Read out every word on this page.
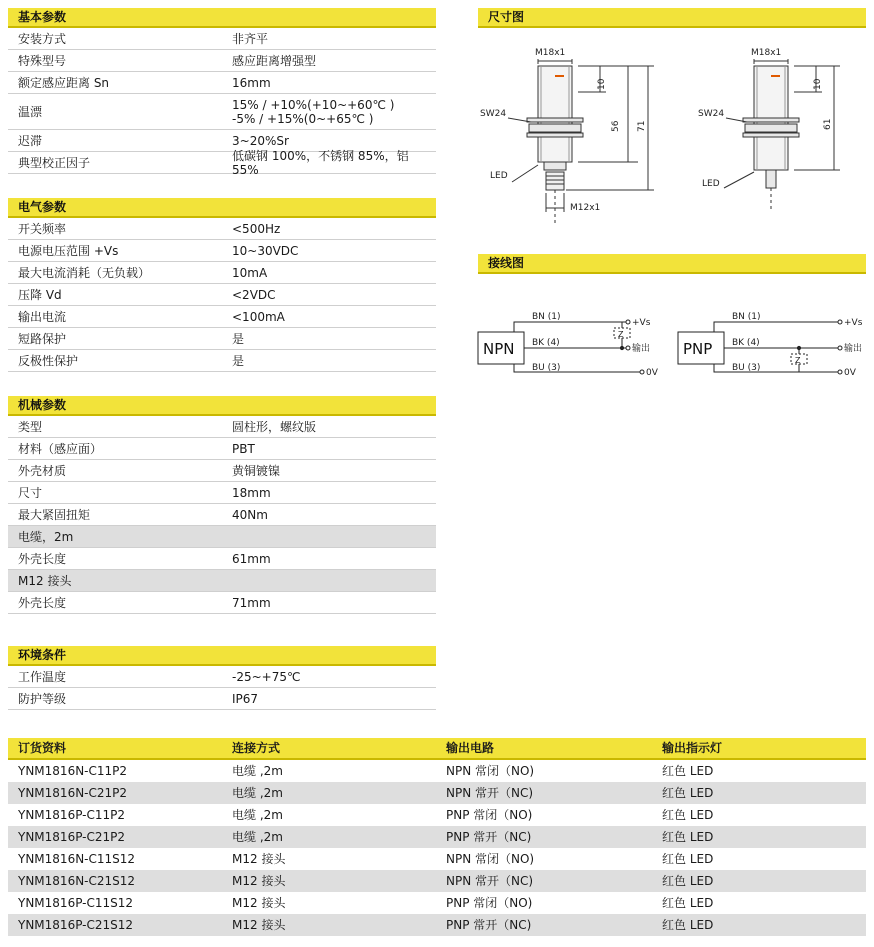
基本参数
安装方式	非齐平
特殊型号	感应距离增强型
额定感应距离 Sn	16mm
温漂	15% / +10%(+10~+60℃ )
-5% / +15%(0~+65℃ )
迟滞	3~20%Sr
典型校正因子	低碳钢 100%，不锈钢 85%，铝 55%
电气参数
开关频率	<500Hz
电源电压范围 +Vs	10~30VDC
最大电流消耗（无负载）	10mA
压降 Vd	<2VDC
输出电流	<100mA
短路保护	是
反极性保护	是
机械参数
类型	圆柱形，螺纹版
材料（感应面）	PBT
外壳材质	黄铜镀镍
尺寸	18mm
最大紧固扭矩	40Nm
电缆，2m
外壳长度	61mm
M12 接头
外壳长度	71mm
环境条件
工作温度	-25~+75℃
防护等级	IP67
尺寸图
M18x1
M12x1
SW24
LED
10
56 71
M18x1
SW24
LED
10
61
接线图
NPN
Z
BN (1)
BK (4)
BU (3)
+Vs
输出
0V
PNP
Z
BN (1)
BK (4)
BU (3)
+Vs
输出
0V
订货资料	连接方式	输出电路	输出指示灯
YNM1816N-C11P2	电缆 ,2m	NPN 常闭（NO)	红色 LED
YNM1816N-C21P2	电缆 ,2m	NPN 常开（NC)	红色 LED
YNM1816P-C11P2	电缆 ,2m	PNP 常闭（NO)	红色 LED
YNM1816P-C21P2	电缆 ,2m	PNP 常开（NC)	红色 LED
YNM1816N-C11S12	M12 接头	NPN 常闭（NO)	红色 LED
YNM1816N-C21S12	M12 接头	NPN 常开（NC)	红色 LED
YNM1816P-C11S12	M12 接头	PNP 常闭（NO)	红色 LED
YNM1816P-C21S12	M12 接头	PNP 常开（NC)	红色 LED
